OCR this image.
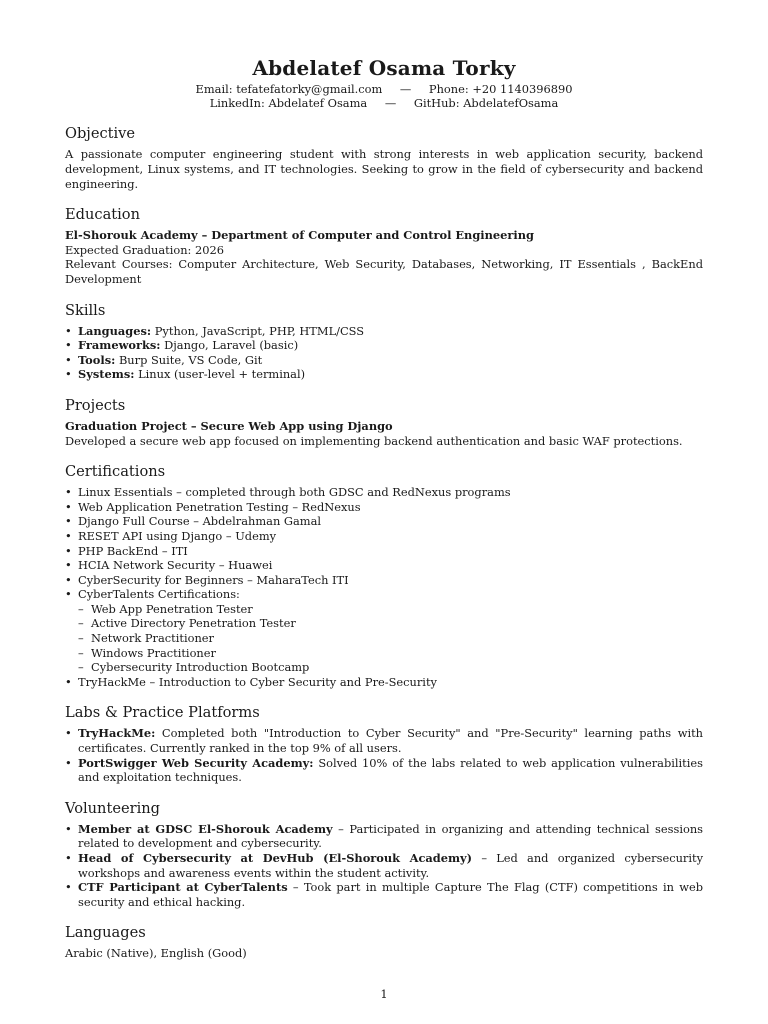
Abdelatef Osama Torky
Email: tefatefatorky@gmail.com — Phone: +20 1140396890
LinkedIn: Abdelatef Osama — GitHub: AbdelatefOsama
Objective

A passionate computer engineering student with strong interests in web application security, backend development, Linux systems, and IT technologies. Seeking to grow in the field of cybersecurity and backend engineering.

Education

El-Shorouk Academy – Department of Computer and Control Engineering

Expected Graduation: 2026

Relevant Courses: Computer Architecture, Web Security, Databases, Networking, IT Essentials , BackEnd Development

Skills
• Languages: Python, JavaScript, PHP, HTML/CSS
• Frameworks: Django, Laravel (basic)
• Tools: Burp Suite, VS Code, Git
• Systems: Linux (user-level + terminal)
Projects

Graduation Project – Secure Web App using Django

Developed a secure web app focused on implementing backend authentication and basic WAF protections.

Certifications
• Linux Essentials – completed through both GDSC and RedNexus programs
• Web Application Penetration Testing – RedNexus
• Django Full Course – Abdelrahman Gamal
• RESET API using Django – Udemy
• PHP BackEnd – ITI
• HCIA Network Security – Huawei
• CyberSecurity for Beginners – MaharaTech ITI
• CyberTalents Certifications:
– Web App Penetration Tester
– Active Directory Penetration Tester
– Network Practitioner
– Windows Practitioner
– Cybersecurity Introduction Bootcamp
• TryHackMe – Introduction to Cyber Security and Pre-Security
Labs & Practice Platforms
• TryHackMe: Completed both "Introduction to Cyber Security" and "Pre-Security" learning paths with certificates. Currently ranked in the top 9% of all users.
• PortSwigger Web Security Academy: Solved 10% of the labs related to web application vulnerabilities and exploitation techniques.
Volunteering
• Member at GDSC El-Shorouk Academy – Participated in organizing and attending technical sessions related to development and cybersecurity.
• Head of Cybersecurity at DevHub (El-Shorouk Academy) – Led and organized cybersecurity workshops and awareness events within the student activity.
• CTF Participant at CyberTalents – Took part in multiple Capture The Flag (CTF) competitions in web security and ethical hacking.
Languages

Arabic (Native), English (Good)

1
